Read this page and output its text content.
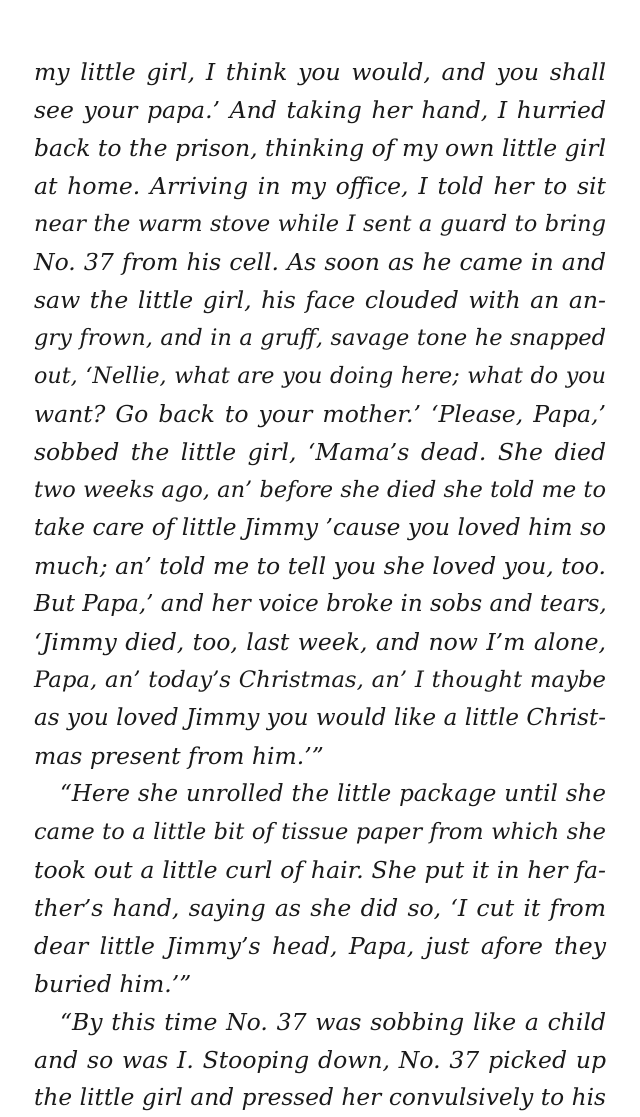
my little girl, I think you would, and you shall
see your papa.’ And taking her hand, I hurried
back to the prison, thinking of my own little girl
at home. Arriving in my office, I told her to sit
near the warm stove while I sent a guard to bring
No. 37 from his cell. As soon as he came in and
saw the little girl, his face clouded with an an-
gry frown, and in a gruff, savage tone he snapped
out, ‘Nellie, what are you doing here; what do you
want? Go back to your mother.’ ‘Please, Papa,’
sobbed the little girl, ‘Mama’s dead. She died
two weeks ago, an’ before she died she told me to
take care of little Jimmy ’cause you loved him so
much; an’ told me to tell you she loved you, too.
But Papa,’ and her voice broke in sobs and tears,
‘Jimmy died, too, last week, and now I’m alone,
Papa, an’ today’s Christmas, an’ I thought maybe
as you loved Jimmy you would like a little Christ-
mas present from him.’”
“Here she unrolled the little package until she
came to a little bit of tissue paper from which she
took out a little curl of hair. She put it in her fa-
ther’s hand, saying as she did so, ‘I cut it from
dear little Jimmy’s head, Papa, just afore they
buried him.’”
“By this time No. 37 was sobbing like a child
and so was I. Stooping down, No. 37 picked up
the little girl and pressed her convulsively to his
